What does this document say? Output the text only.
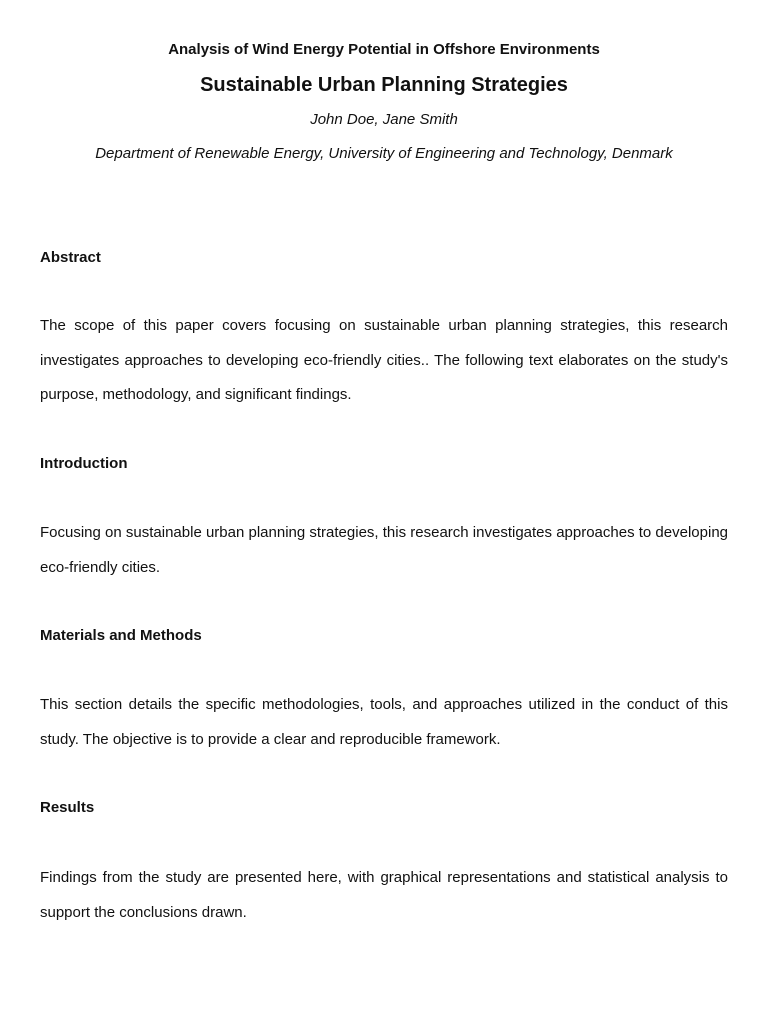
Analysis of Wind Energy Potential in Offshore Environments
Sustainable Urban Planning Strategies
John Doe, Jane Smith
Department of Renewable Energy, University of Engineering and Technology, Denmark
Abstract

The scope of this paper covers focusing on sustainable urban planning strategies, this research investigates approaches to developing eco-friendly cities.. The following text elaborates on the study's purpose, methodology, and significant findings.

Introduction

Focusing on sustainable urban planning strategies, this research investigates approaches to developing eco-friendly cities.

Materials and Methods

This section details the specific methodologies, tools, and approaches utilized in the conduct of this study. The objective is to provide a clear and reproducible framework.

Results

Findings from the study are presented here, with graphical representations and statistical analysis to support the conclusions drawn.
